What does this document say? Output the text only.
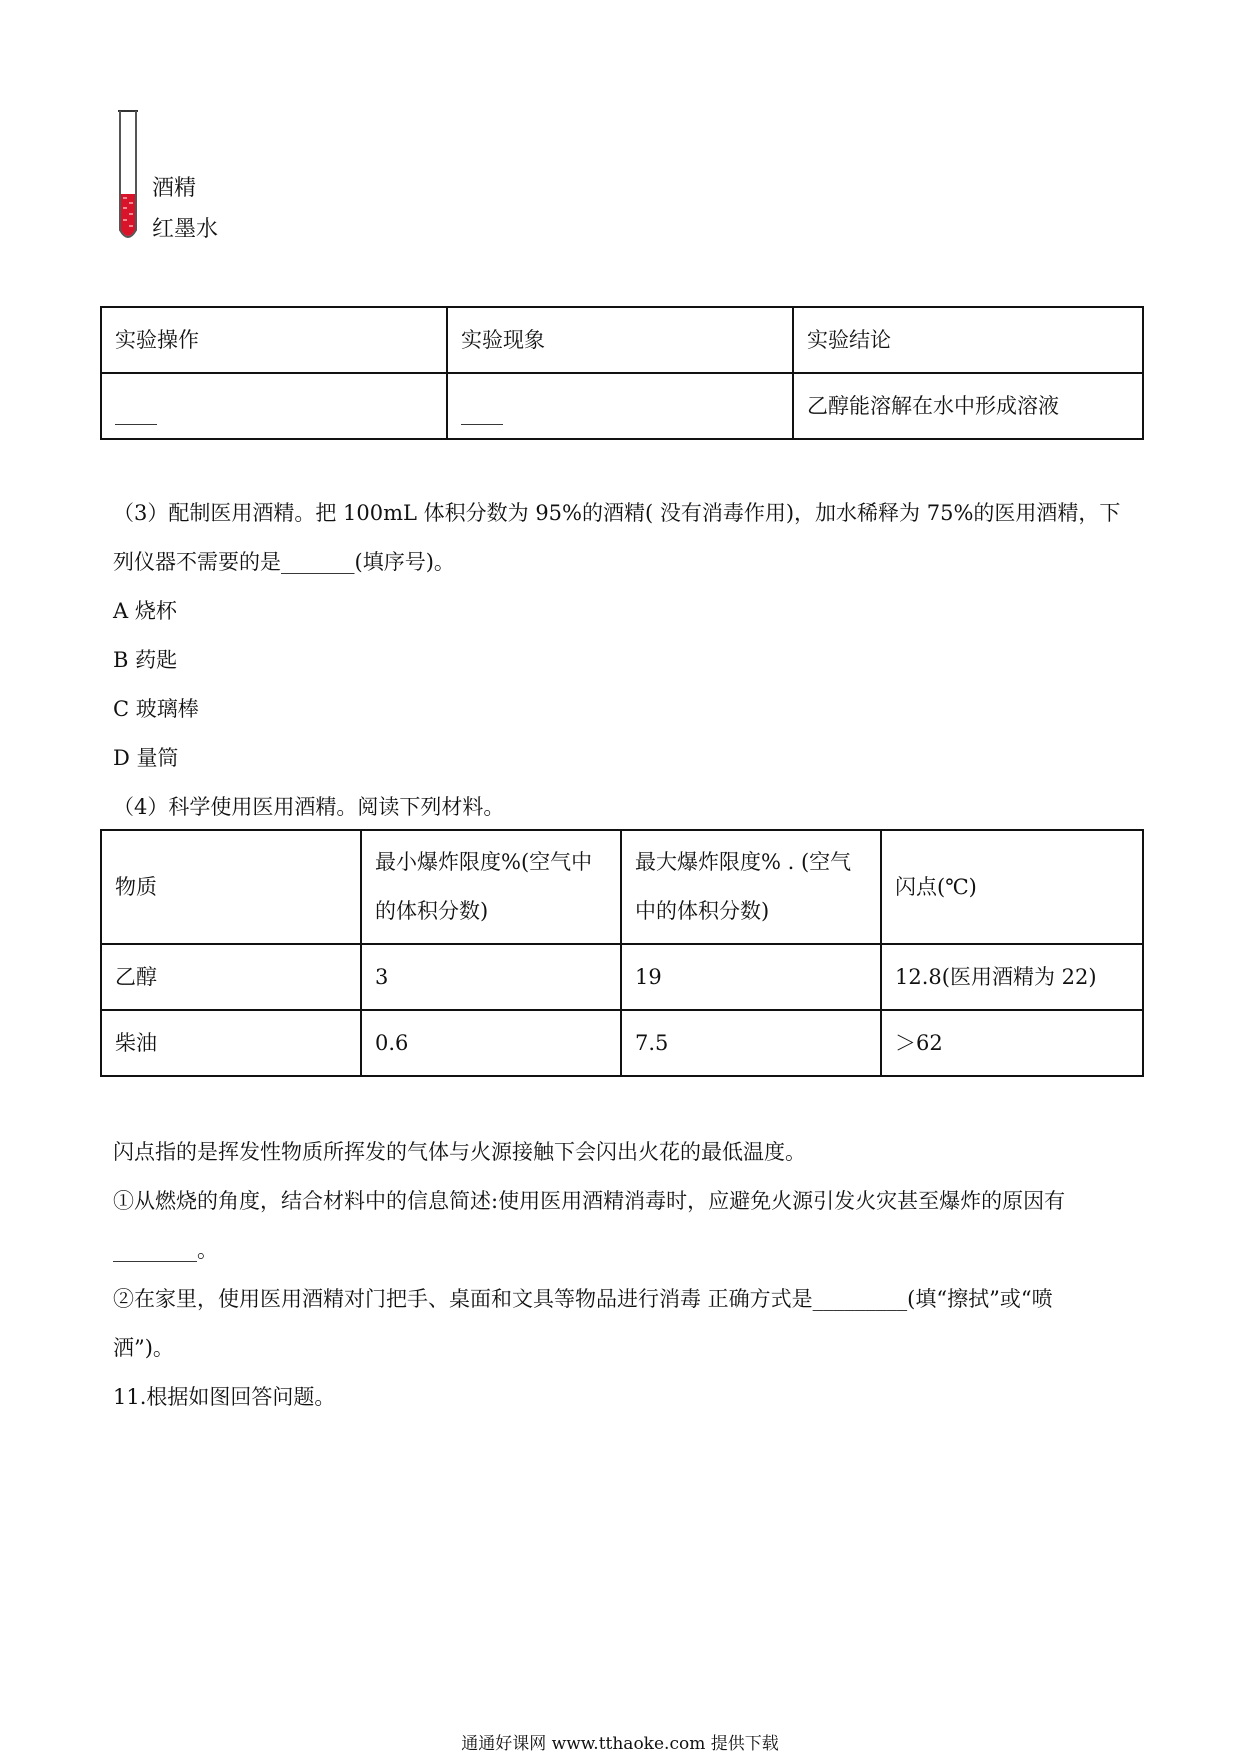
酒精
红墨水
实验操作	实验现象	实验结论
____	____	乙醇能溶解在水中形成溶液
（3）配制医用酒精。把 100mL 体积分数为 95%的酒精( 没有消毒作用)，加水稀释为 75%的医用酒精，下
列仪器不需要的是_______(填序号)。
A 烧杯
B 药匙
C 玻璃棒
D 量筒
（4）科学使用医用酒精。阅读下列材料。
物质	最小爆炸限度%(空气中
的体积分数)	最大爆炸限度% . (空气
中的体积分数)	闪点(℃)
乙醇	3	19	12.8(医用酒精为 22)
柴油	0.6	7.5	＞62
闪点指的是挥发性物质所挥发的气体与火源接触下会闪出火花的最低温度。
①从燃烧的角度，结合材料中的信息简述:使用医用酒精消毒时，应避免火源引发火灾甚至爆炸的原因有
________。
②在家里，使用医用酒精对门把手、桌面和文具等物品进行消毒 正确方式是_________(填“擦拭”或“喷
洒”)。
11.根据如图回答问题。
通通好课网 www.tthaoke.com 提供下载
